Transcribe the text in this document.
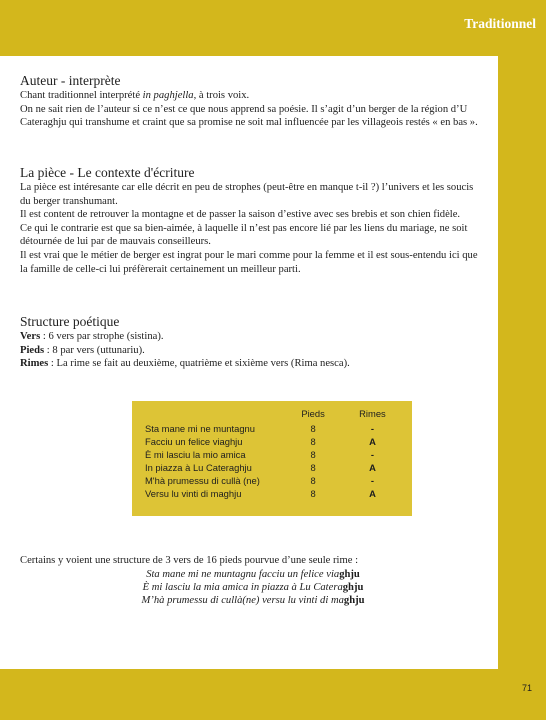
Traditionnel
Auteur - interprète

Chant traditionnel interprété in paghjella, à trois voix.

On ne sait rien de l’auteur si ce n’est ce que nous apprend sa poésie. Il s’agit d’un berger de la région d’U Cateraghju qui transhume et craint que sa promise ne soit mal influencée par les villageois restés « en bas ».

La pièce - Le contexte d'écriture

La pièce est intéresante car elle décrit en peu de strophes (peut-être en manque t-il ?) l’univers et les soucis du berger transhumant.

Il est content de retrouver la montagne et de passer la saison d’estive avec ses brebis et son chien fidèle.

Ce qui le contrarie est que sa bien-aimée, à laquelle il n’est pas encore lié par les liens du mariage, ne soit détournée de lui par de mauvais conseilleurs.

Il est vrai que le métier de berger est ingrat pour le mari comme pour la femme et il est sous-entendu ici que la famille de celle-ci lui préfèrerait certainement un meilleur parti.

Structure poétique

Vers : 6 vers par strophe (sistina).

Pieds : 8 par vers (uttunariu).

Rimes : La rime se fait au deuxième, quatrième et sixième vers (Rima nesca).

	Pieds	Rimes
Sta mane mi ne muntagnu	8	-
Facciu un felice viaghju	8	A
È mi lasciu la mio amica	8	-
In piazza à Lu Cateraghju	8	A
M'hà prumessu di cullà (ne)	8	-
Versu lu vinti di maghju	8	A

Certains y voient une structure de 3 vers de 16 pieds pourvue d’une seule rime :

Sta mane mi ne muntagnu facciu un felice viaghju
È mi lasciu la mia amica in piazza à Lu Cateraghju
M’hà prumessu di cullà(ne) versu lu vinti di maghju
71
